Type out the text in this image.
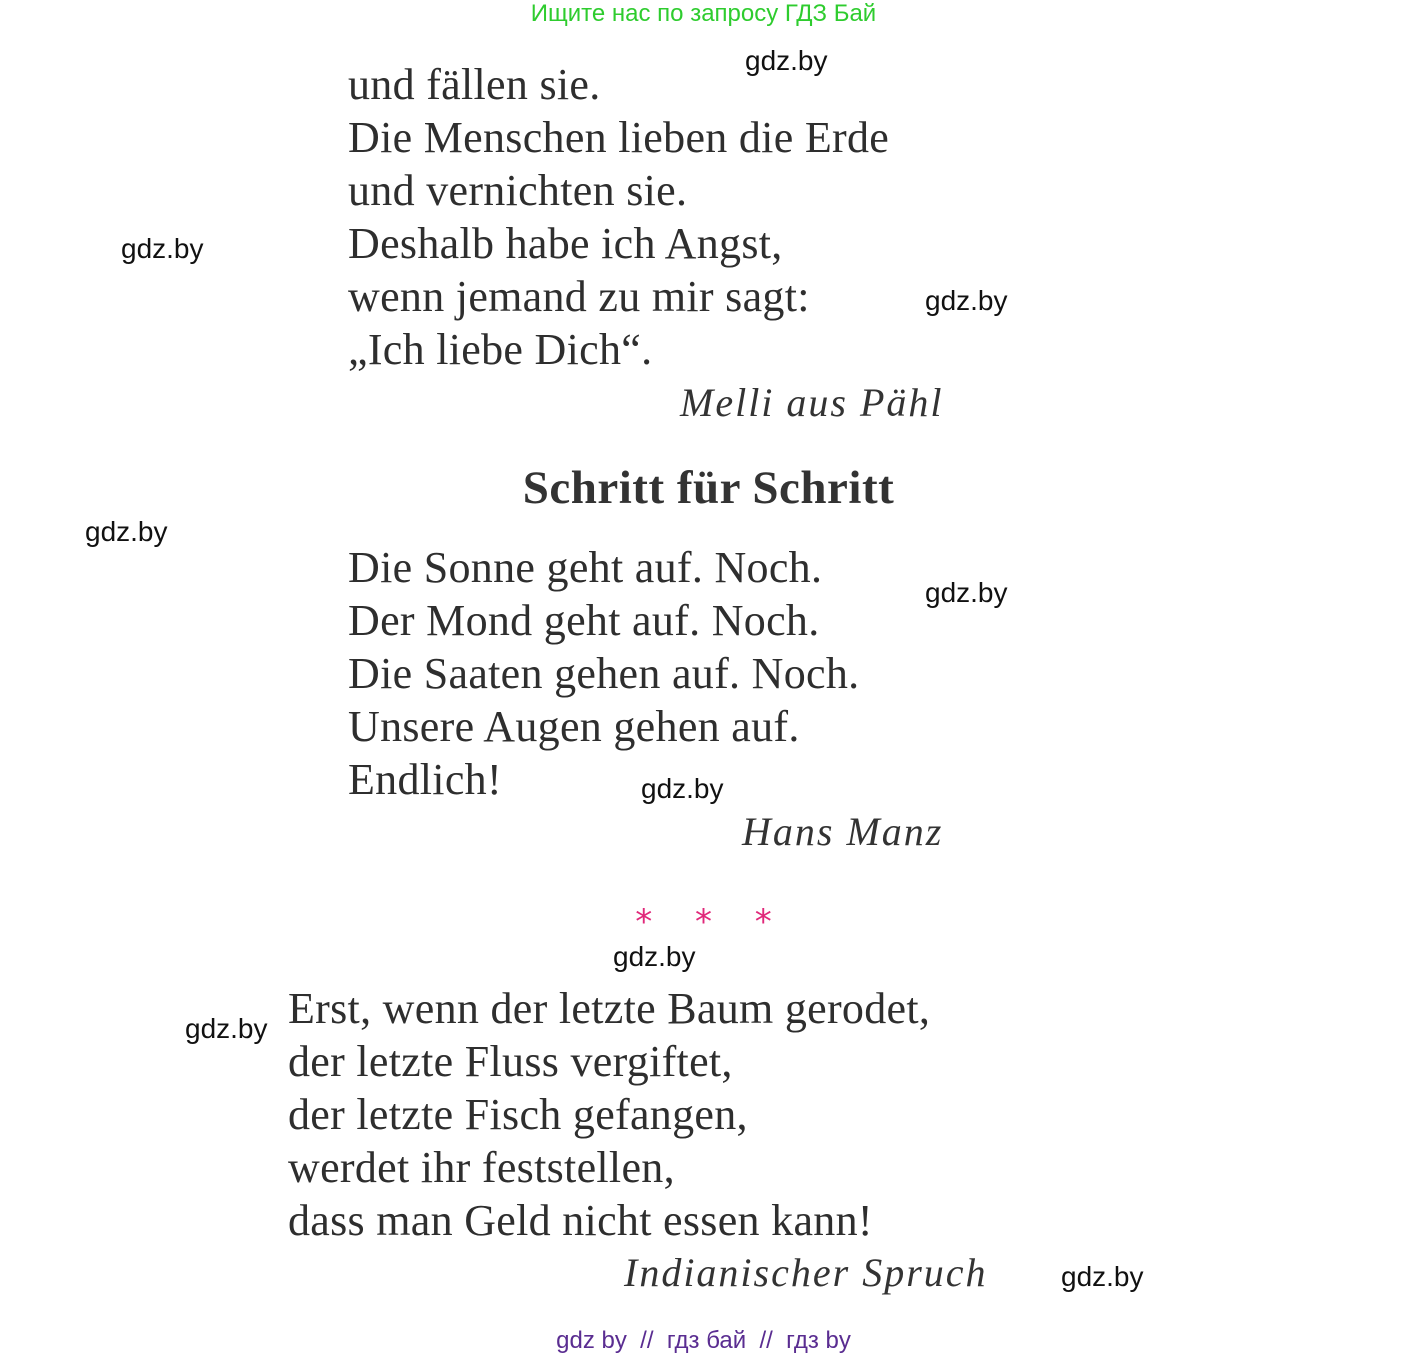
Ищите нас по запросу ГДЗ Бай
gdz.by
gdz.by
gdz.by
gdz.by
gdz.by
gdz.by
gdz.by
gdz.by
gdz.by
und fällen sie.
Die Menschen lieben die Erde
und vernichten sie.
Deshalb habe ich Angst,
wenn jemand zu mir sagt:
„Ich liebe Dich“.
Melli aus Pähl
Schritt für Schritt
Die Sonne geht auf. Noch.
Der Mond geht auf. Noch.
Die Saaten gehen auf. Noch.
Unsere Augen gehen auf.
Endlich!
Hans Manz
* * *
Erst, wenn der letzte Baum gerodet,
der letzte Fluss vergiftet,
der letzte Fisch gefangen,
werdet ihr feststellen,
dass man Geld nicht essen kann!
Indianischer Spruch
gdz by  //  гдз бай  //  гдз by
